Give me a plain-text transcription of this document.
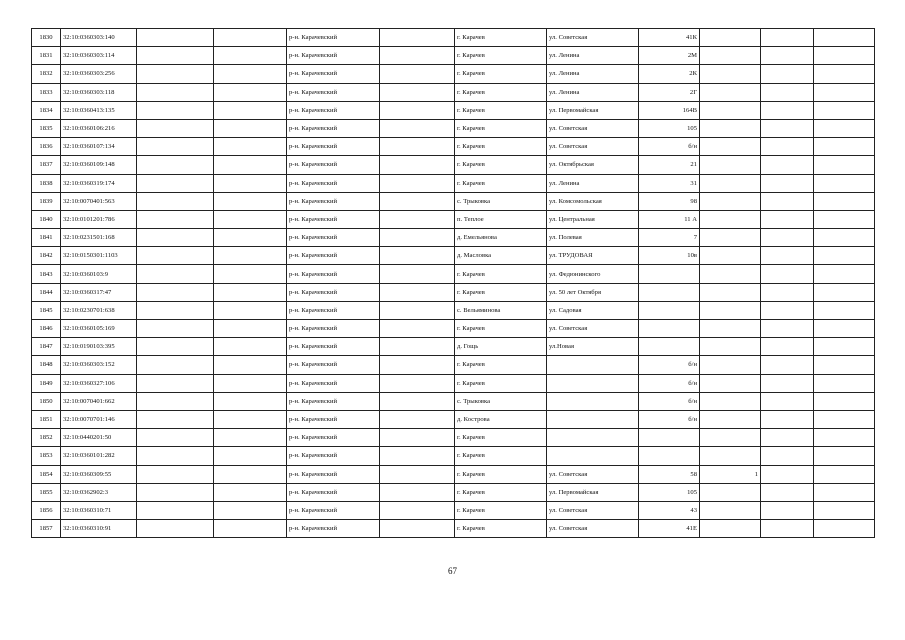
1830	32:10:0360303:140			р-н. Карачевский		г. Карачев	ул. Советская	41К			
1831	32:10:0360303:114			р-н. Карачевский		г. Карачев	ул. Ленина	2М			
1832	32:10:0360303:256			р-н. Карачевский		г. Карачев	ул. Ленина	2К			
1833	32:10:0360303:118			р-н. Карачевский		г. Карачев	ул. Ленина	2Г			
1834	32:10:0360413:135			р-н. Карачевский		г. Карачев	ул. Первомайская	164В			
1835	32:10:0360106:216			р-н. Карачевский		г. Карачев	ул. Советская	105			
1836	32:10:0360107:134			р-н. Карачевский		г. Карачев	ул. Советская	б/н			
1837	32:10:0360109:148			р-н. Карачевский		г. Карачев	ул. Октябрьская	21			
1838	32:10:0360319:174			р-н. Карачевский		г. Карачев	ул. Ленина	31			
1839	32:10:0070401:563			р-н. Карачевский		с. Трыковка	ул. Комсомольская	98			
1840	32:10:0101201:786			р-н. Карачевский		п. Теплое	ул. Центральная	11 А			
1841	32:10:0231501:168			р-н. Карачевский		д. Емельянова	ул. Полевая	7			
1842	32:10:0150301:1103			р-н. Карачевский		д. Масловка	ул. ТРУДОВАЯ	10в			
1843	32:10:0360103:9			р-н. Карачевский		г. Карачев	ул. Федюнинского				
1844	32:10:0360317:47			р-н. Карачевский		г. Карачев	ул. 50 лет Октября				
1845	32:10:0230701:638			р-н. Карачевский		с. Вельяминова	ул. Садовая				
1846	32:10:0360105:169			р-н. Карачевский		г. Карачев	ул. Советская				
1847	32:10:0190103:395			р-н. Карачевский		д. Гощь	ул.Новая				
1848	32:10:0360303:152			р-н. Карачевский		г. Карачев		б/н			
1849	32:10:0360327:106			р-н. Карачевский		г. Карачев		б/н			
1850	32:10:0070401:662			р-н. Карачевский		с. Трыковка		б/н			
1851	32:10:0070701:146			р-н. Карачевский		д. Кострова		б/н			
1852	32:10:0440201:50			р-н. Карачевский		г. Карачев					
1853	32:10:0360101:282			р-н. Карачевский		г. Карачев					
1854	32:10:0360309:55			р-н. Карачевский		г. Карачев	ул. Советская	58	1		
1855	32:10:0362902:3			р-н. Карачевский		г. Карачев	ул. Первомайская	105			
1856	32:10:0360310:71			р-н. Карачевский		г. Карачев	ул. Советская	43			
1857	32:10:0360310:91			р-н. Карачевский		г. Карачев	ул. Советская	41Е			
67
